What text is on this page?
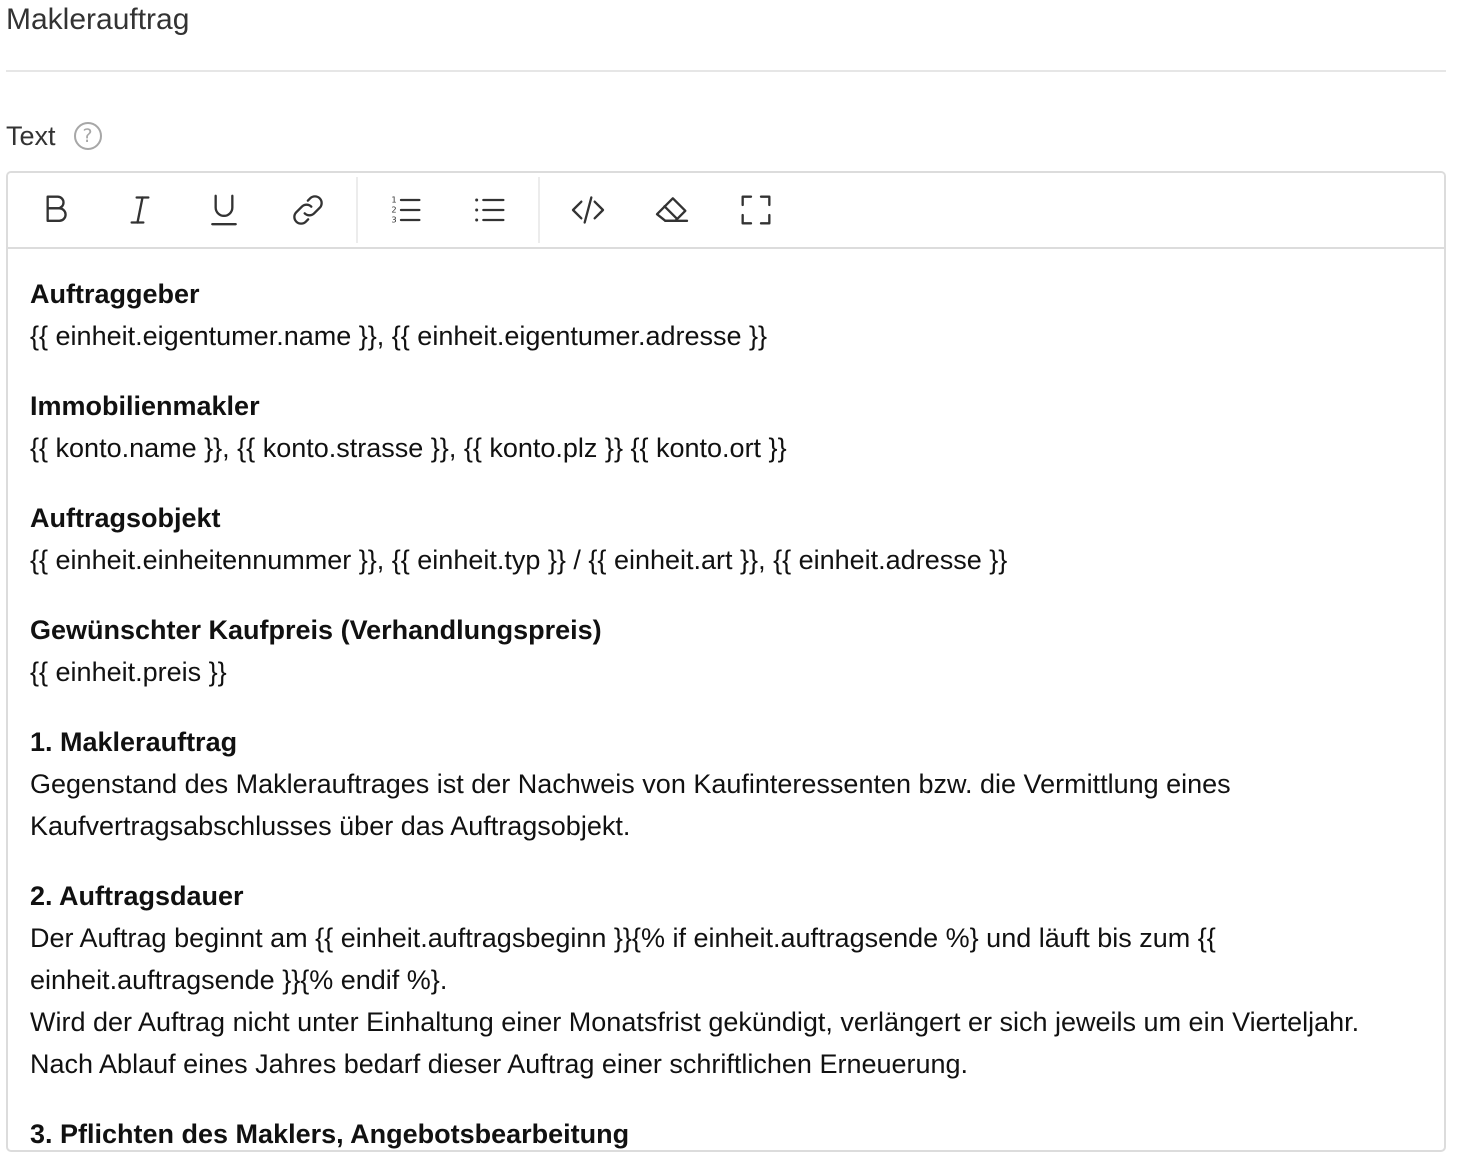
Maklerauftrag
Text	?
1
2
3
Auftraggeber
{{ einheit.eigentumer.name }}, {{ einheit.eigentumer.adresse }}
Immobilienmakler
{{ konto.name }}, {{ konto.strasse }}, {{ konto.plz }} {{ konto.ort }}
Auftragsobjekt
{{ einheit.einheitennummer }}, {{ einheit.typ }} / {{ einheit.art }}, {{ einheit.adresse }}
Gewünschter Kaufpreis (Verhandlungspreis)
{{ einheit.preis }}
1. Maklerauftrag
Gegenstand des Maklerauftrages ist der Nachweis von Kaufinteressenten bzw. die Vermittlung eines Kaufvertragsabschlusses über das Auftragsobjekt.
2. Auftragsdauer
Der Auftrag beginnt am {{ einheit.auftragsbeginn }}{% if einheit.auftragsende %} und läuft bis zum {{ einheit.auftragsende }}{% endif %}.
Wird der Auftrag nicht unter Einhaltung einer Monatsfrist gekündigt, verlängert er sich jeweils um ein Vierteljahr. Nach Ablauf eines Jahres bedarf dieser Auftrag einer schriftlichen Erneuerung.
3. Pflichten des Maklers, Angebotsbearbeitung
